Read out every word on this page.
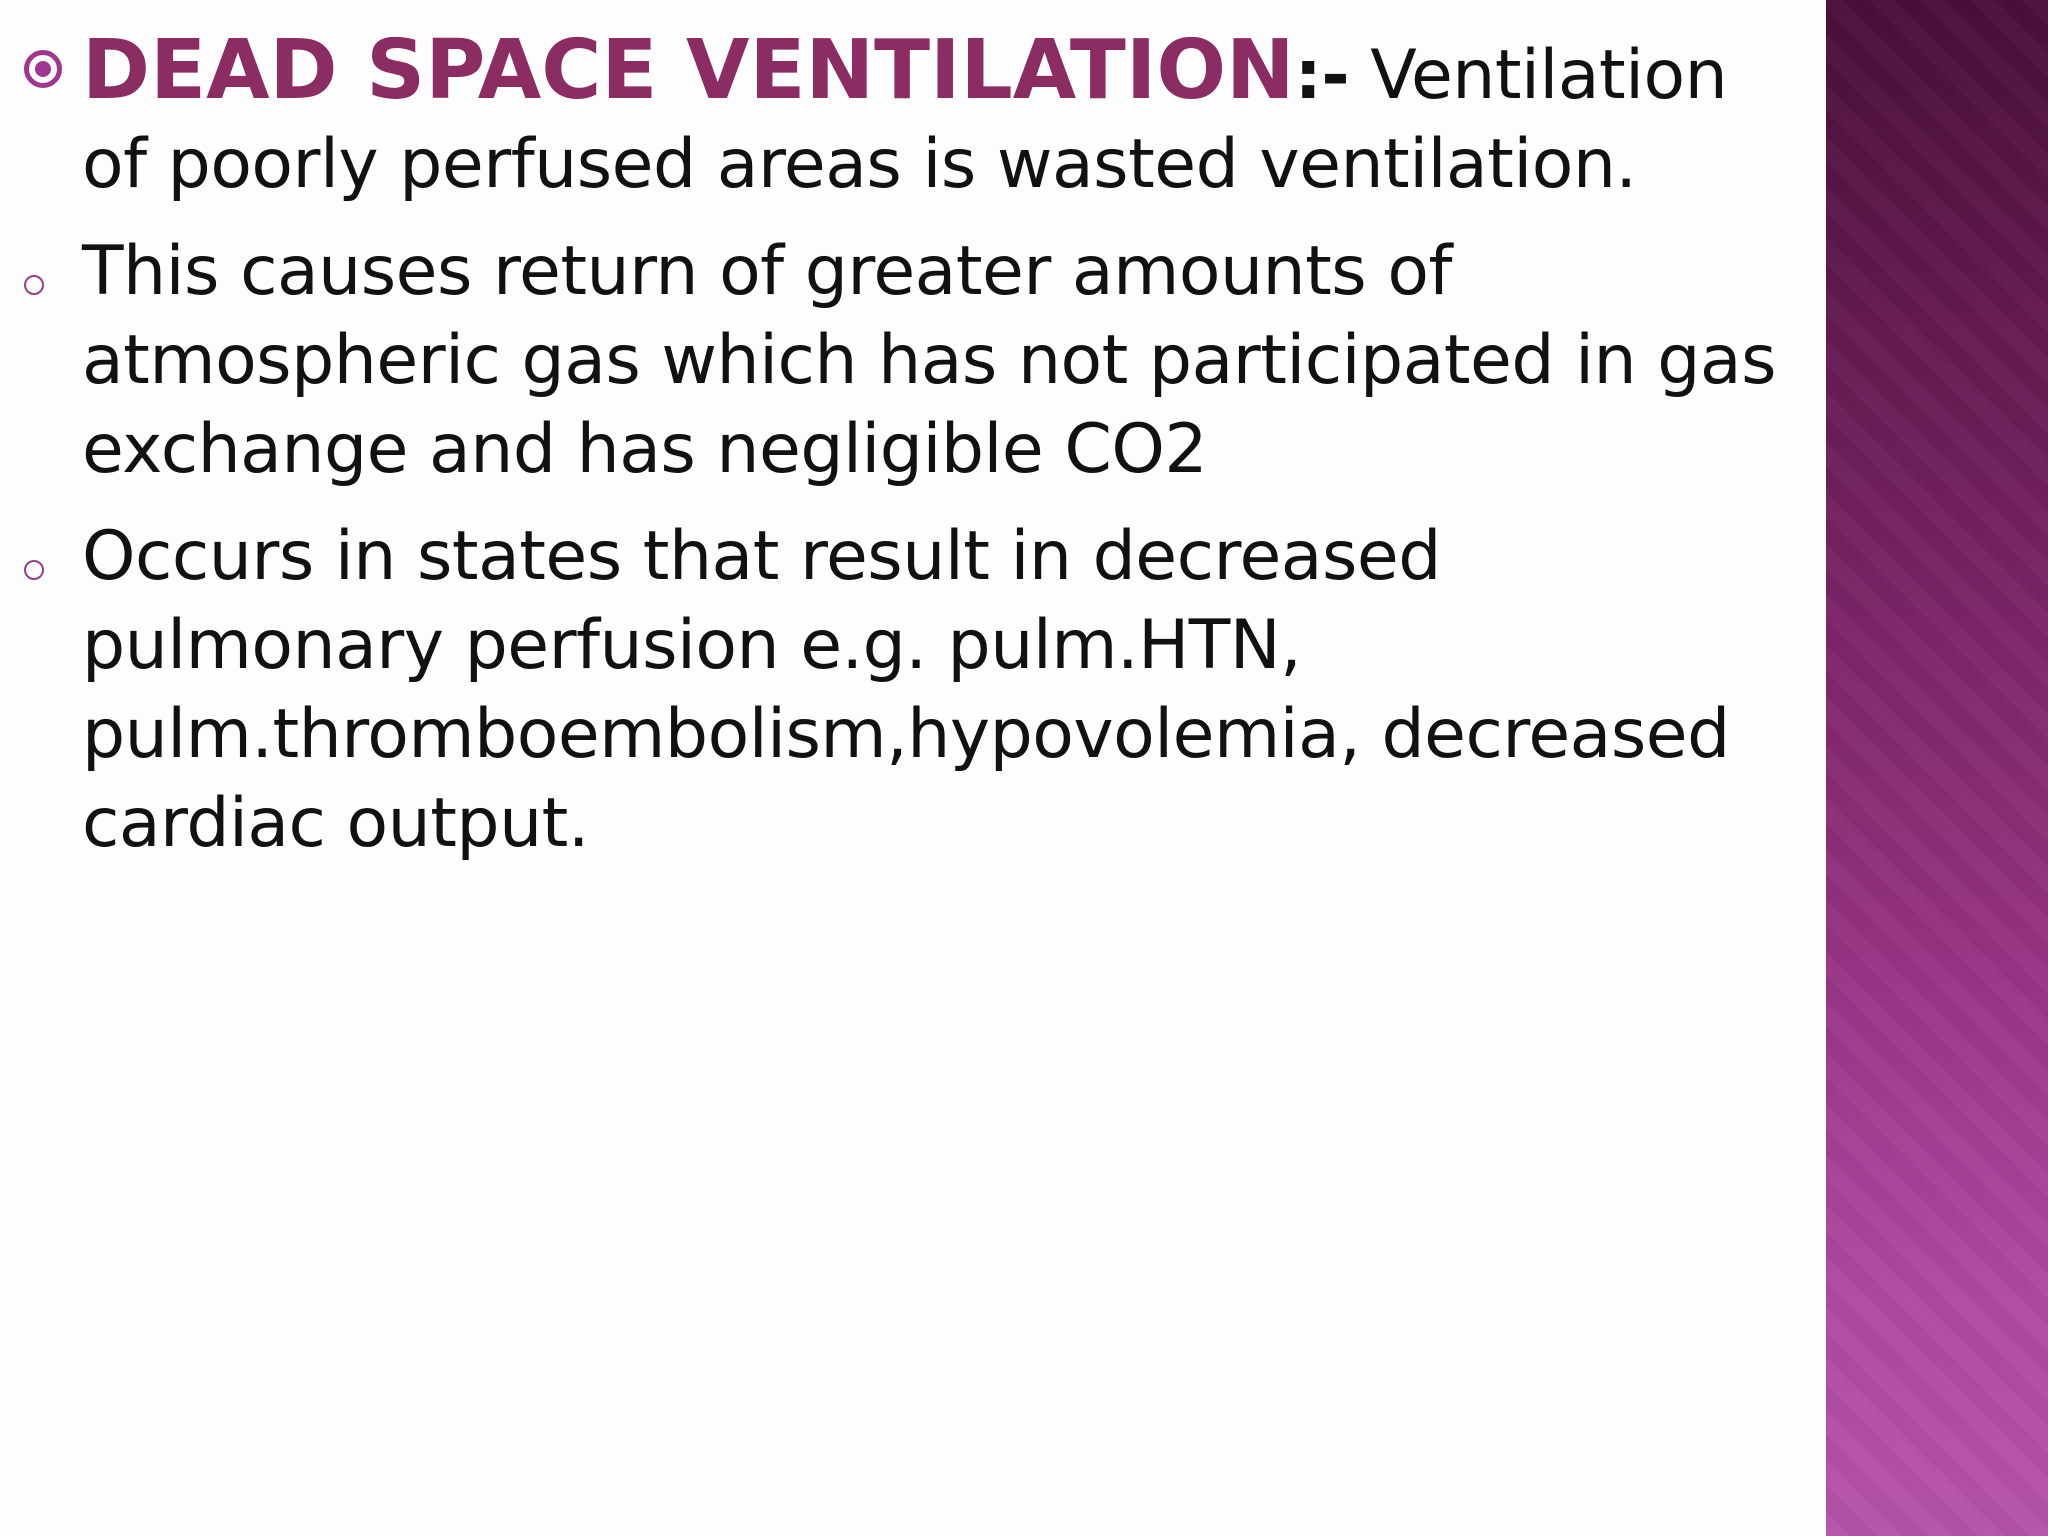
DEAD SPACE VENTILATION:- Ventilation of poorly perfused areas is wasted ventilation.
This causes return of greater amounts of atmospheric gas which has not participated in gas exchange and has negligible CO2
Occurs in states that result in decreased pulmonary perfusion e.g. pulm.HTN, pulm.thromboembolism,hypovolemia, decreased cardiac output.
